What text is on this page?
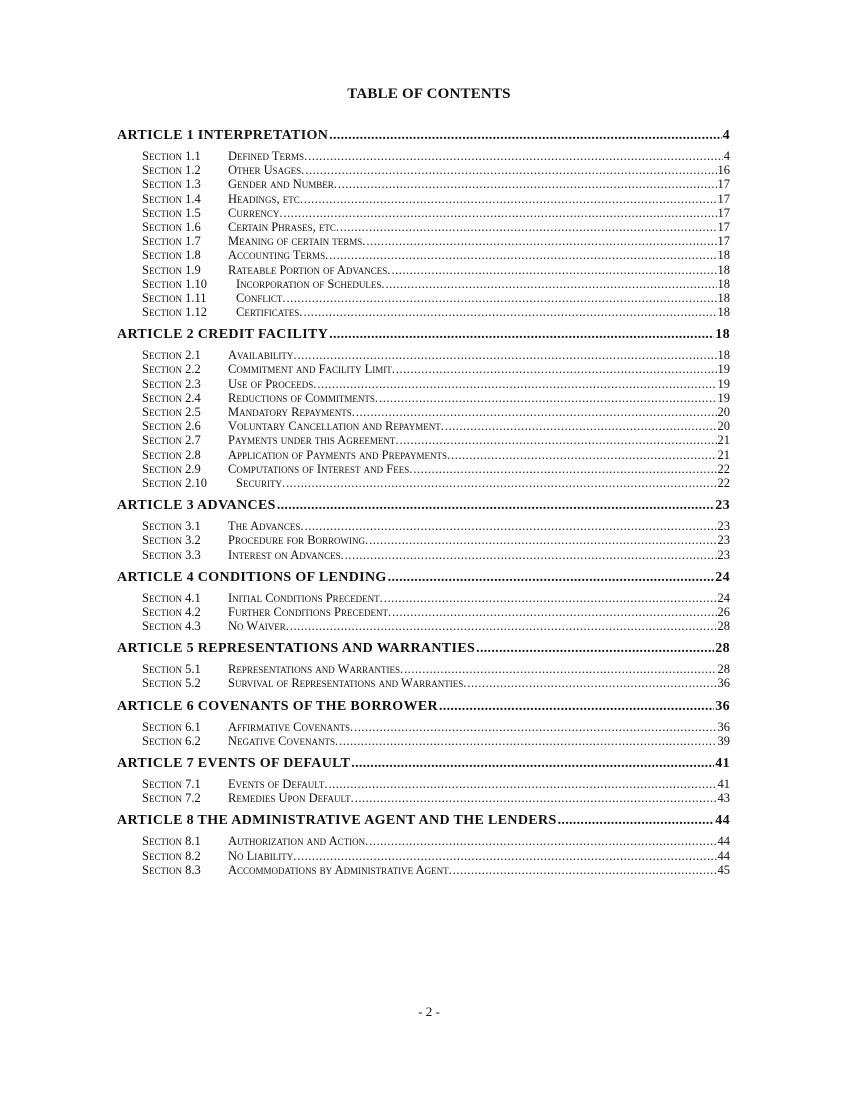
TABLE OF CONTENTS
ARTICLE 1 INTERPRETATION .....	4
Section 1.1	Defined Terms. .....	4
Section 1.2	Other Usages. .....	16
Section 1.3	Gender and Number. .....	17
Section 1.4	Headings, etc. .....	17
Section 1.5	Currency. .....	17
Section 1.6	Certain Phrases, etc. .....	17
Section 1.7	Meaning of certain terms. .....	17
Section 1.8	Accounting Terms. .....	18
Section 1.9	Rateable Portion of Advances. .....	18
Section 1.10	Incorporation of Schedules. .....	18
Section 1.11	Conflict. .....	18
Section 1.12	Certificates. .....	18
ARTICLE 2 CREDIT FACILITY .....	18
Section 2.1	Availability. .....	18
Section 2.2	Commitment and Facility Limit. .....	19
Section 2.3	Use of Proceeds. .....	19
Section 2.4	Reductions of Commitments. .....	19
Section 2.5	Mandatory Repayments. .....	20
Section 2.6	Voluntary Cancellation and Repayment. .....	20
Section 2.7	Payments under this Agreement. .....	21
Section 2.8	Application of Payments and Prepayments. .....	21
Section 2.9	Computations of Interest and Fees. .....	22
Section 2.10	Security. .....	22
ARTICLE 3 ADVANCES .....	23
Section 3.1	The Advances. .....	23
Section 3.2	Procedure for Borrowing. .....	23
Section 3.3	Interest on Advances. .....	23
ARTICLE 4 CONDITIONS OF LENDING .....	24
Section 4.1	Initial Conditions Precedent. .....	24
Section 4.2	Further Conditions Precedent. .....	26
Section 4.3	No Waiver. .....	28
ARTICLE 5 REPRESENTATIONS AND WARRANTIES .....	28
Section 5.1	Representations and Warranties. .....	28
Section 5.2	Survival of Representations and Warranties. .....	36
ARTICLE 6 COVENANTS OF THE BORROWER .....	36
Section 6.1	Affirmative Covenants. .....	36
Section 6.2	Negative Covenants. .....	39
ARTICLE 7 EVENTS OF DEFAULT .....	41
Section 7.1	Events of Default. .....	41
Section 7.2	Remedies Upon Default. .....	43
ARTICLE 8 THE ADMINISTRATIVE AGENT AND THE LENDERS .....	44
Section 8.1	Authorization and Action. .....	44
Section 8.2	No Liability. .....	44
Section 8.3	Accommodations by Administrative Agent. .....	45
- 2 -
